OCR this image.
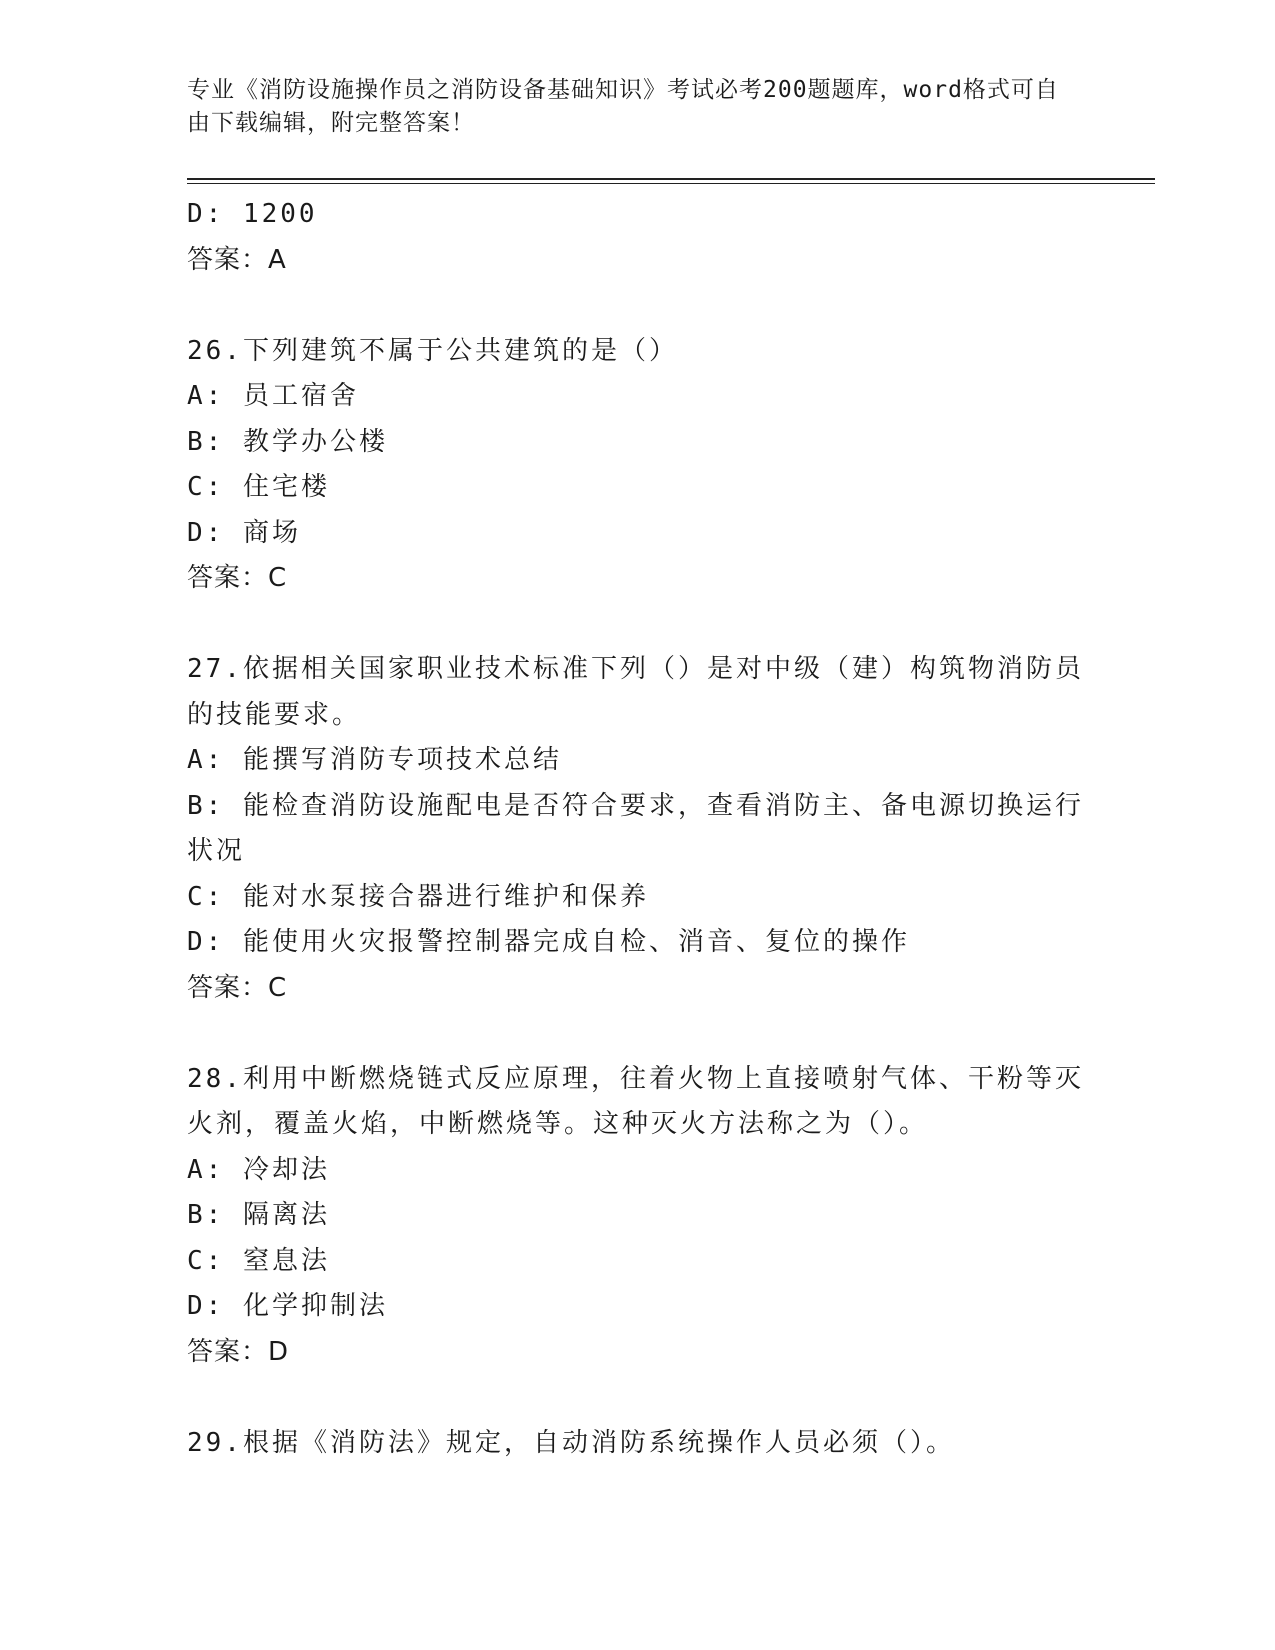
专业《消防设施操作员之消防设备基础知识》考试必考200题题库，word格式可自由下载编辑，附完整答案！
D: 1200
答案：A
26.下列建筑不属于公共建筑的是（）
A: 员工宿舍
B: 教学办公楼
C: 住宅楼
D: 商场
答案：C
27.依据相关国家职业技术标准下列（）是对中级（建）构筑物消防员的技能要求。
A: 能撰写消防专项技术总结
B: 能检查消防设施配电是否符合要求，查看消防主、备电源切换运行状况
C: 能对水泵接合器进行维护和保养
D: 能使用火灾报警控制器完成自检、消音、复位的操作
答案：C
28.利用中断燃烧链式反应原理，往着火物上直接喷射气体、干粉等灭火剂，覆盖火焰，中断燃烧等。这种灭火方法称之为（）。
A: 冷却法
B: 隔离法
C: 窒息法
D: 化学抑制法
答案：D
29.根据《消防法》规定，自动消防系统操作人员必须（）。
